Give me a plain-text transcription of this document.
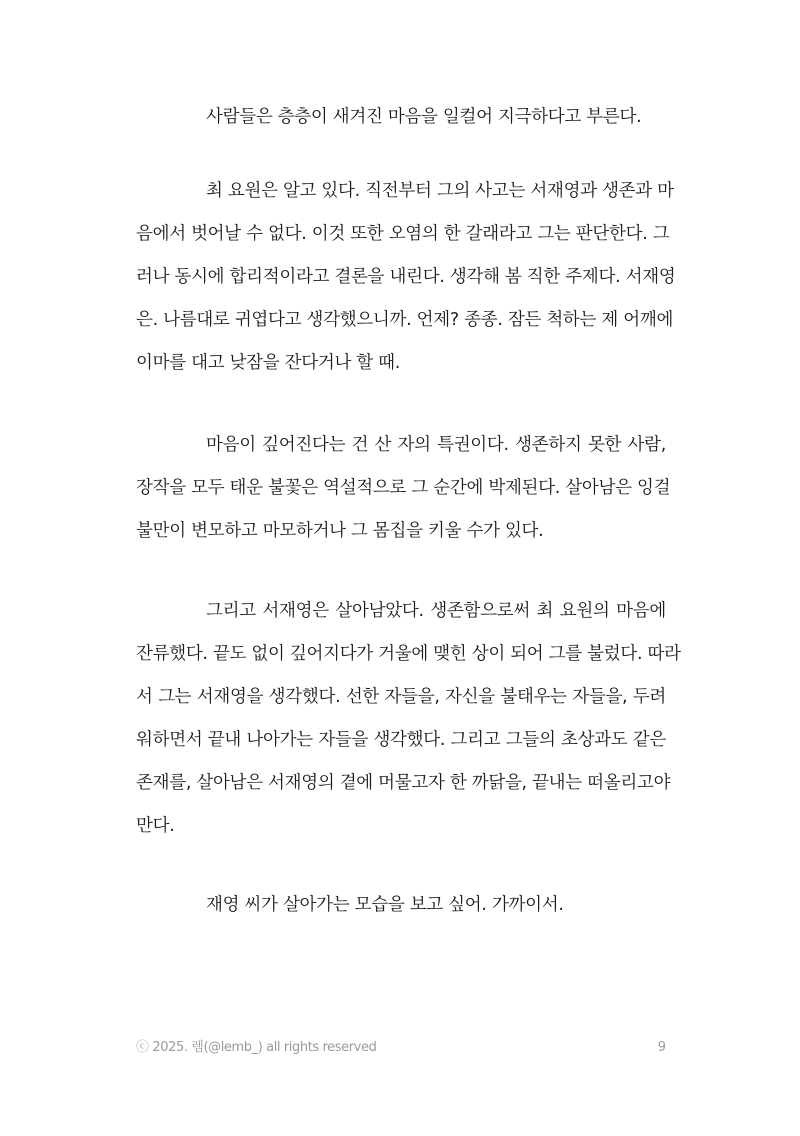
사람들은 층층이 새겨진 마음을 일컬어 지극하다고 부른다.
최 요원은 알고 있다. 직전부터 그의 사고는 서재영과 생존과 마
음에서 벗어날 수 없다. 이것 또한 오염의 한 갈래라고 그는 판단한다. 그
러나 동시에 합리적이라고 결론을 내린다. 생각해 봄 직한 주제다. 서재영
은. 나름대로 귀엽다고 생각했으니까. 언제? 종종. 잠든 척하는 제 어깨에
이마를 대고 낮잠을 잔다거나 할 때.
마음이 깊어진다는 건 산 자의 특권이다. 생존하지 못한 사람,
장작을 모두 태운 불꽃은 역설적으로 그 순간에 박제된다. 살아남은 잉걸
불만이 변모하고 마모하거나 그 몸집을 키울 수가 있다.
그리고 서재영은 살아남았다. 생존함으로써 최 요원의 마음에
잔류했다. 끝도 없이 깊어지다가 거울에 맺힌 상이 되어 그를 불렀다. 따라
서 그는 서재영을 생각했다. 선한 자들을, 자신을 불태우는 자들을, 두려
워하면서 끝내 나아가는 자들을 생각했다. 그리고 그들의 초상과도 같은
존재를, 살아남은 서재영의 곁에 머물고자 한 까닭을, 끝내는 떠올리고야
만다.
재영 씨가 살아가는 모습을 보고 싶어. 가까이서.
ⓒ 2025. 렘(@lemb_) all rights reserved	9
